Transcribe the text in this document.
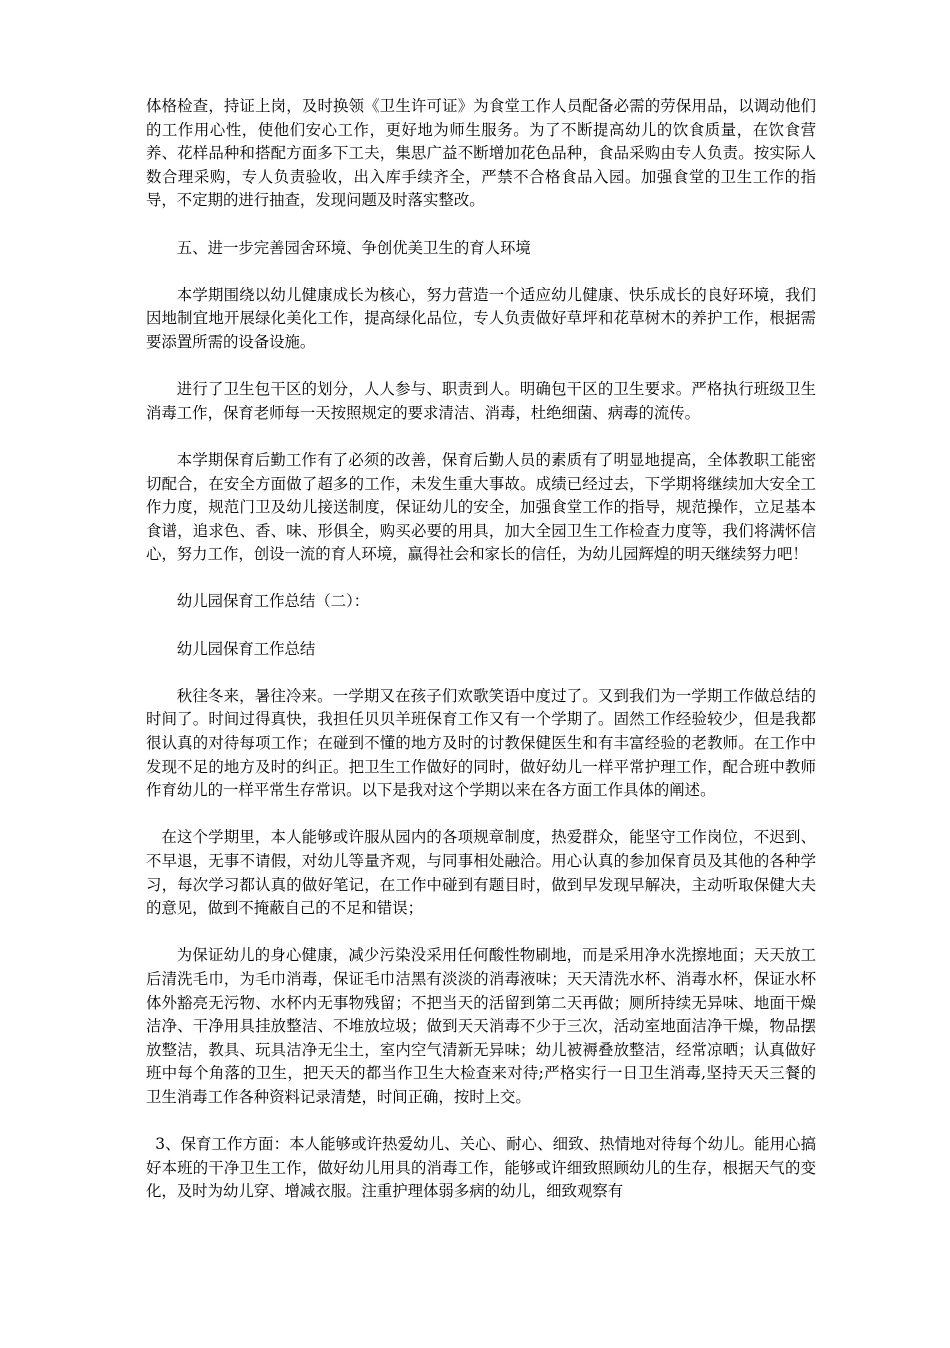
体格检查，持证上岗，及时换领《卫生许可证》为食堂工作人员配备必需的劳保用品，以调动他们的工作用心性，使他们安心工作，更好地为师生服务。为了不断提高幼儿的饮食质量，在饮食营养、花样品种和搭配方面多下工夫，集思广益不断增加花色品种，食品采购由专人负责。按实际人数合理采购，专人负责验收，出入库手续齐全，严禁不合格食品入园。加强食堂的卫生工作的指导，不定期的进行抽查，发现问题及时落实整改。

五、进一步完善园舍环境、争创优美卫生的育人环境

本学期围绕以幼儿健康成长为核心，努力营造一个适应幼儿健康、快乐成长的良好环境，我们因地制宜地开展绿化美化工作，提高绿化品位，专人负责做好草坪和花草树木的养护工作，根据需要添置所需的设备设施。

进行了卫生包干区的划分，人人参与、职责到人。明确包干区的卫生要求。严格执行班级卫生消毒工作，保育老师每一天按照规定的要求清洁、消毒，杜绝细菌、病毒的流传。

本学期保育后勤工作有了必须的改善，保育后勤人员的素质有了明显地提高，全体教职工能密切配合，在安全方面做了超多的工作，未发生重大事故。成绩已经过去，下学期将继续加大安全工作力度，规范门卫及幼儿接送制度，保证幼儿的安全，加强食堂工作的指导，规范操作，立足基本食谱，追求色、香、味、形俱全，购买必要的用具，加大全园卫生工作检查力度等，我们将满怀信心，努力工作，创设一流的育人环境，赢得社会和家长的信任，为幼儿园辉煌的明天继续努力吧！

幼儿园保育工作总结（二）：

幼儿园保育工作总结

秋往冬来，暑往冷来。一学期又在孩子们欢歌笑语中度过了。又到我们为一学期工作做总结的时间了。时间过得真快，我担任贝贝羊班保育工作又有一个学期了。固然工作经验较少，但是我都很认真的对待每项工作；在碰到不懂的地方及时的讨教保健医生和有丰富经验的老教师。在工作中发现不足的地方及时的纠正。把卫生工作做好的同时，做好幼儿一样平常护理工作，配合班中教师作育幼儿的一样平常生存常识。以下是我对这个学期以来在各方面工作具体的阐述。

在这个学期里，本人能够或许服从园内的各项规章制度，热爱群众，能坚守工作岗位，不迟到、不早退，无事不请假，对幼儿等量齐观，与同事相处融洽。用心认真的参加保育员及其他的各种学习，每次学习都认真的做好笔记，在工作中碰到有题目时，做到早发现早解决，主动听取保健大夫的意见，做到不掩蔽自己的不足和错误；

为保证幼儿的身心健康，减少污染没采用任何酸性物刷地，而是采用净水洗擦地面；天天放工后清洗毛巾，为毛巾消毒，保证毛巾洁黑有淡淡的消毒液味；天天清洗水杯、消毒水杯，保证水杯体外豁亮无污物、水杯内无事物残留；不把当天的活留到第二天再做；厕所持续无异味、地面干燥洁净、干净用具挂放整洁、不堆放垃圾；做到天天消毒不少于三次，活动室地面洁净干燥，物品摆放整洁，教具、玩具洁净无尘土，室内空气清新无异味；幼儿被褥叠放整洁，经常凉晒；认真做好班中每个角落的卫生，把天天的都当作卫生大检查来对待;严格实行一日卫生消毒,坚持天天三餐的卫生消毒工作各种资料记录清楚，时间正确，按时上交。

3、保育工作方面：本人能够或许热爱幼儿、关心、耐心、细致、热情地对待每个幼儿。能用心搞好本班的干净卫生工作，做好幼儿用具的消毒工作，能够或许细致照顾幼儿的生存，根据天气的变化，及时为幼儿穿、增减衣服。注重护理体弱多病的幼儿，细致观察有
